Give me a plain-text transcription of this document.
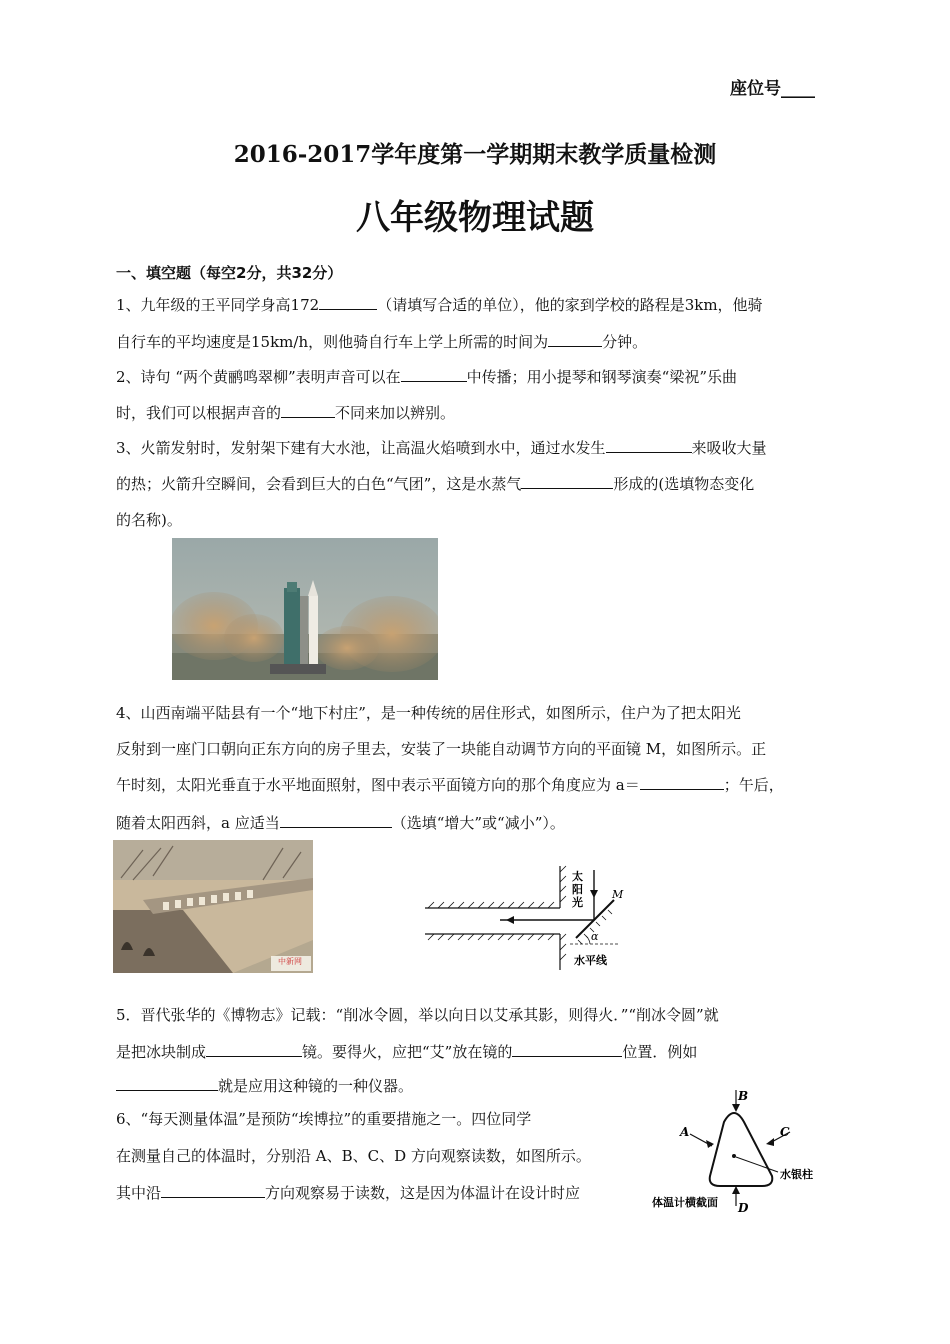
座位号____
2016-2017学年度第一学期期末教学质量检测
八年级物理试题
一、填空题（每空2分，共32分）
1、九年级的王平同学身高172	（请填写合适的单位），他的家到学校的路程是3km，他骑
自行车的平均速度是15km/h，则他骑自行车上学上所需的时间为	分钟。
2、诗句 “两个黄鹂鸣翠柳”表明声音可以在	中传播；用小提琴和钢琴演奏“梁祝”乐曲
时，我们可以根据声音的	不同来加以辨别。
3、火箭发射时，发射架下建有大水池，让高温火焰喷到水中，通过水发生	来吸收大量
的热；火箭升空瞬间，会看到巨大的白色“气团”，这是水蒸气	形成的(选填物态变化
的名称)。
4、山西南端平陆县有一个“地下村庄”，是一种传统的居住形式，如图所示，住户为了把太阳光
反射到一座门口朝向正东方向的房子里去，安装了一块能自动调节方向的平面镜 M，如图所示。正
午时刻，太阳光垂直于水平地面照射，图中表示平面镜方向的那个角度应为 a＝	；午后，
随着太阳西斜，a 应适当	（选填“增大”或“减小”）。
中新网
太
阳
光
M
α
水平线
5．晋代张华的《博物志》记载：“削冰令圆，举以向日以艾承其影，则得火．”“削冰令圆”就
是把冰块制成	镜。要得火，应把“艾”放在镜的	位置．例如
就是应用这种镜的一种仪器。
6、“每天测量体温”是预防“埃博拉”的重要措施之一。四位同学
在测量自己的体温时，分别沿 A、B、C、D 方向观察读数，如图所示。
其中沿	方向观察易于读数，这是因为体温计在设计时应
B
A	C
D
水银柱
体温计横截面
